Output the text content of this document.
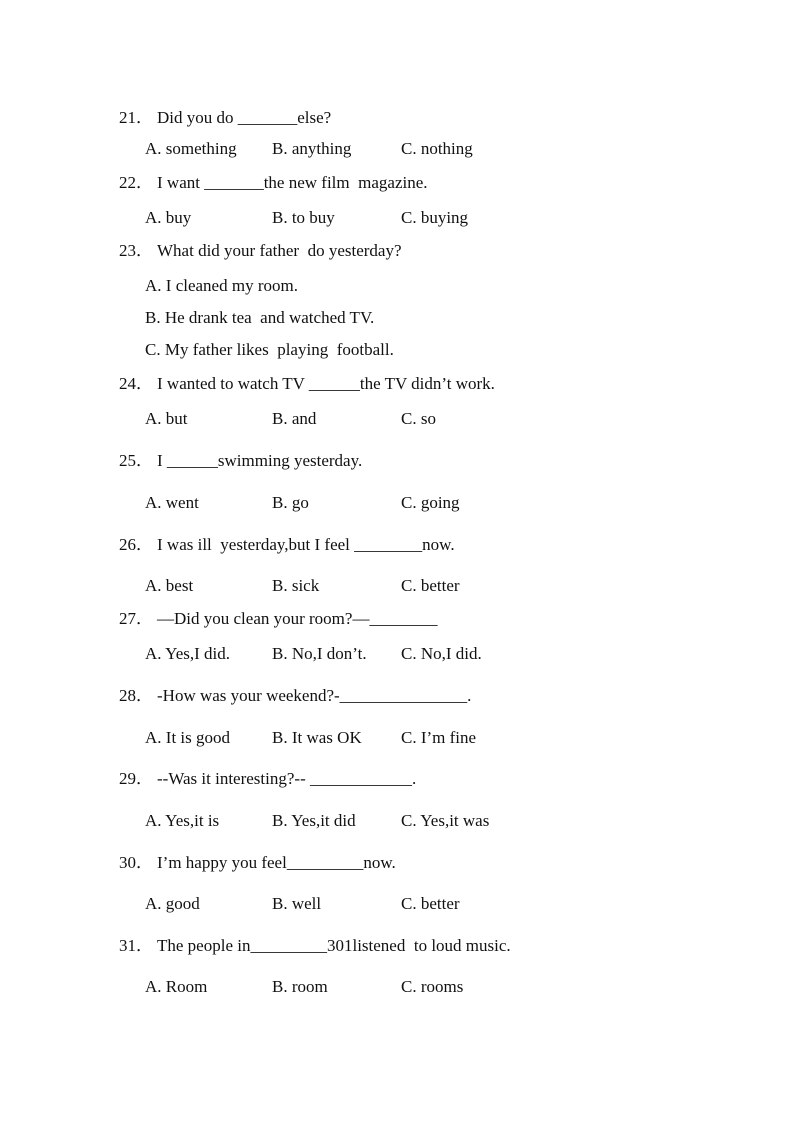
21． Did you do _______else?
A. something B. anything	C. nothing
22． I want _______the new film  magazine.
A. buy	B. to buy	C. buying
23． What did your father  do yesterday?
A. I cleaned my room.
B. He drank tea  and watched TV.
C. My father likes  playing  football.
24． I wanted to watch TV ______the TV didn’t work.
A. but	B. and	C. so
25． I ______swimming yesterday.
A. went	B. go	C. going
26． I was ill  yesterday,but I feel ________now.
A. best	B. sick	C. better
27． —Did you clean your room?—________
A. Yes,I did. B. No,I don’t. C. No,I did.
28． -How was your weekend?-_______________.
A. It is good B. It was OK C. I’m fine
29． --Was it interesting?-- ____________.
A. Yes,it is	B. Yes,it did	C. Yes,it was
30． I’m happy you feel_________now.
A. good	B. well	C. better
31． The people in_________301listened  to loud music.
A. Room	B. room	C. rooms
